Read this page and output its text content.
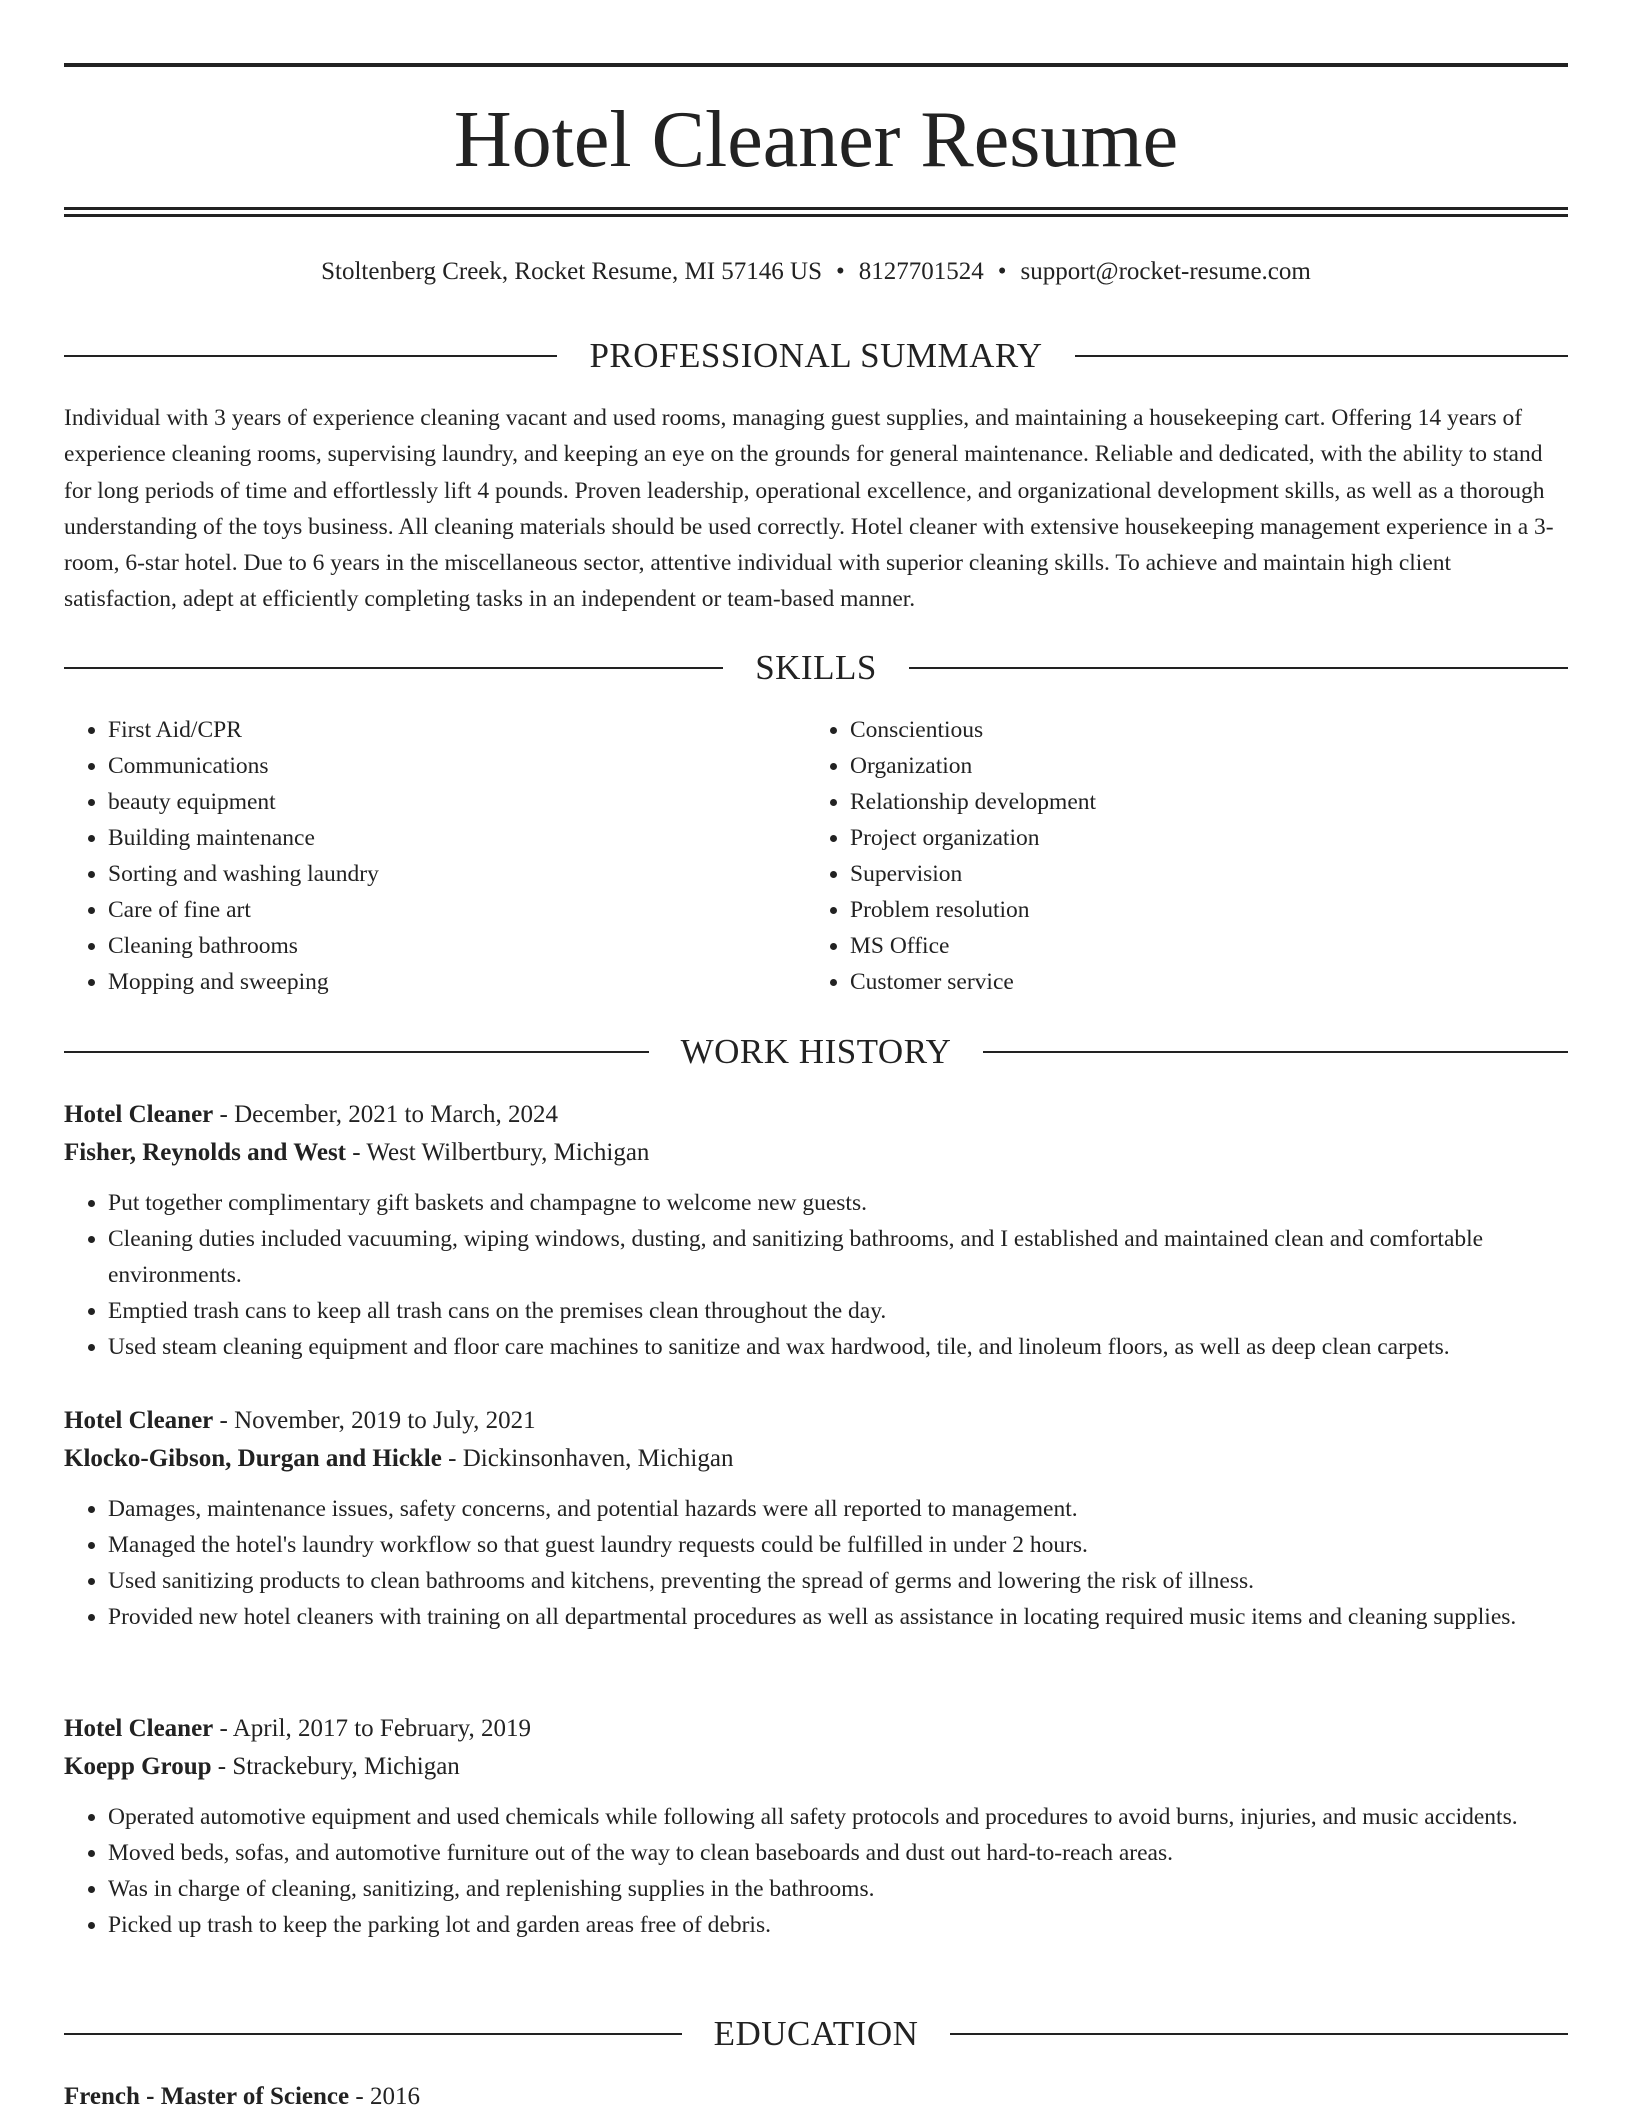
Hotel Cleaner Resume
Stoltenberg Creek, Rocket Resume, MI 57146 US • 8127701524 • support@rocket-resume.com
PROFESSIONAL SUMMARY

Individual with 3 years of experience cleaning vacant and used rooms, managing guest supplies, and maintaining a housekeeping cart. Offering 14 years of experience cleaning rooms, supervising laundry, and keeping an eye on the grounds for general maintenance. Reliable and dedicated, with the ability to stand for long periods of time and effortlessly lift 4 pounds. Proven leadership, operational excellence, and organizational development skills, as well as a thorough understanding of the toys business. All cleaning materials should be used correctly. Hotel cleaner with extensive housekeeping management experience in a 3-room, 6-star hotel. Due to 6 years in the miscellaneous sector, attentive individual with superior cleaning skills. To achieve and maintain high client satisfaction, adept at efficiently completing tasks in an independent or team-based manner.

SKILLS
• First Aid/CPR
• Communications
• beauty equipment
• Building maintenance
• Sorting and washing laundry
• Care of fine art
• Cleaning bathrooms
• Mopping and sweeping
• Conscientious
• Organization
• Relationship development
• Project organization
• Supervision
• Problem resolution
• MS Office
• Customer service
WORK HISTORY
Hotel Cleaner - December, 2021 to March, 2024
Fisher, Reynolds and West - West Wilbertbury, Michigan
• Put together complimentary gift baskets and champagne to welcome new guests.
• Cleaning duties included vacuuming, wiping windows, dusting, and sanitizing bathrooms, and I established and maintained clean and comfortable environments.
• Emptied trash cans to keep all trash cans on the premises clean throughout the day.
• Used steam cleaning equipment and floor care machines to sanitize and wax hardwood, tile, and linoleum floors, as well as deep clean carpets.
Hotel Cleaner - November, 2019 to July, 2021
Klocko-Gibson, Durgan and Hickle - Dickinsonhaven, Michigan
• Damages, maintenance issues, safety concerns, and potential hazards were all reported to management.
• Managed the hotel's laundry workflow so that guest laundry requests could be fulfilled in under 2 hours.
• Used sanitizing products to clean bathrooms and kitchens, preventing the spread of germs and lowering the risk of illness.
• Provided new hotel cleaners with training on all departmental procedures as well as assistance in locating required music items and cleaning supplies.
Hotel Cleaner - April, 2017 to February, 2019
Koepp Group - Strackebury, Michigan
• Operated automotive equipment and used chemicals while following all safety protocols and procedures to avoid burns, injuries, and music accidents.
• Moved beds, sofas, and automotive furniture out of the way to clean baseboards and dust out hard-to-reach areas.
• Was in charge of cleaning, sanitizing, and replenishing supplies in the bathrooms.
• Picked up trash to keep the parking lot and garden areas free of debris.
EDUCATION
French - Master of Science - 2016
